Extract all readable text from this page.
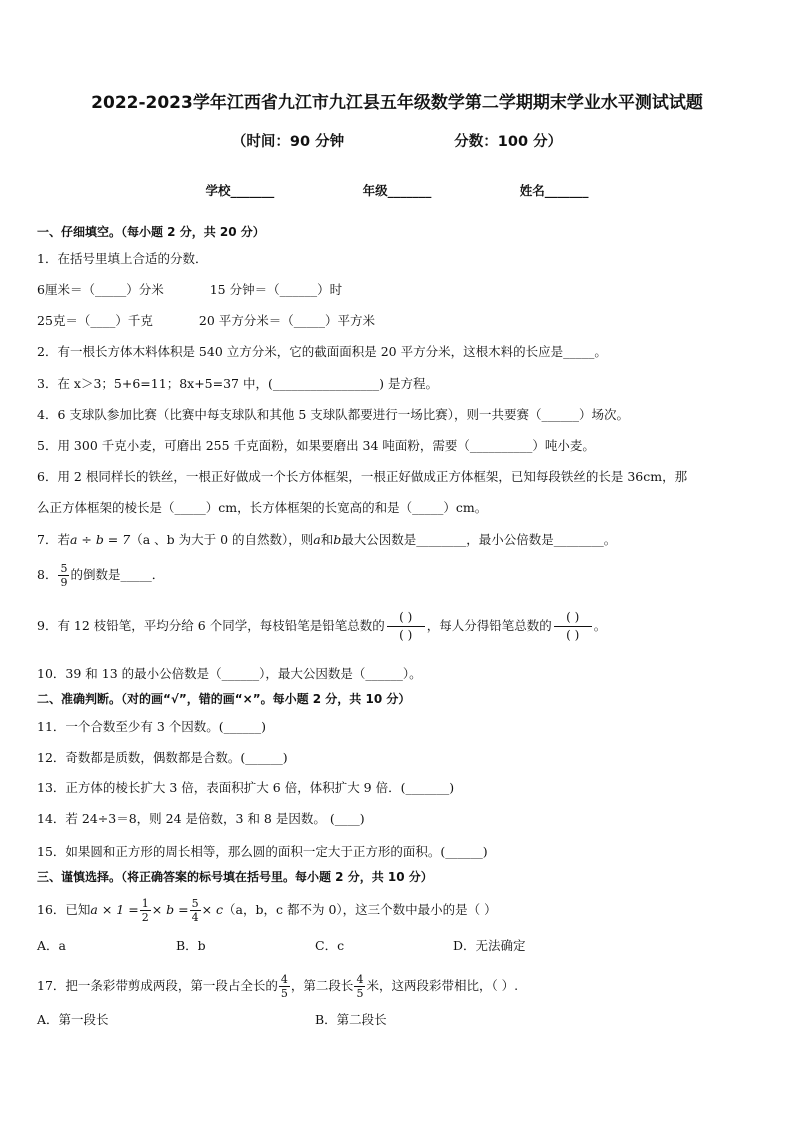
2022-2023学年江西省九江市九江县五年级数学第二学期期末学业水平测试试题
（时间：90 分钟	分数：100 分）
学校_______	年级_______	姓名_______
一、仔细填空。（每小题 2 分，共 20 分）
1．在括号里填上合适的分数．
6厘米＝（_____）分米	15 分钟＝（______）时
25克＝（____）千克	20 平方分米＝（_____）平方米
2．有一根长方体木料体积是 540 立方分米，它的截面面积是 20 平方分米，这根木料的长应是_____。
3．在 x＞3；5+6=11；8x+5=37 中，(_________________) 是方程。
4．6 支球队参加比赛（比赛中每支球队和其他 5 支球队都要进行一场比赛），则一共要赛（______）场次。
5．用 300 千克小麦，可磨出 255 千克面粉，如果要磨出 34 吨面粉，需要（__________）吨小麦。
6．用 2 根同样长的铁丝，一根正好做成一个长方体框架，一根正好做成正方体框架，已知每段铁丝的长是 36cm，那
么正方体框架的棱长是（_____）cm，长方体框架的长宽高的和是（_____）cm。
7．若a ÷ b = 7（a 、b 为大于 0 的自然数），则a和b最大公因数是________，最小公倍数是________。
8． $\frac{5}{9}$ 的倒数是_____．
9．有 12 枝铅笔，平均分给 6 个同学，每枝铅笔是铅笔总数的
( )
( )
，每人分得铅笔总数的
( )
( )
。
10．39 和 13 的最小公倍数是（______），最大公因数是（______）。
二、准确判断。（对的画“√”，错的画“×”。每小题 2 分，共 10 分）
11．一个合数至少有 3 个因数。(______)
12．奇数都是质数，偶数都是合数。(______)
13．正方体的棱长扩大 3 倍，表面积扩大 6 倍，体积扩大 9 倍．(_______)
14．若 24÷3＝8，则 24 是倍数，3 和 8 是因数。 (____)
15．如果圆和正方形的周长相等，那么圆的面积一定大于正方形的面积。(______)
三、谨慎选择。（将正确答案的标号填在括号里。每小题 2 分，共 10 分）
16．已知$a \times 1 = \frac{1}{2} \times b = \frac{5}{4} \times c(a$，b，c 都不为 0），这三个数中最小的是（ ）
A．a	B．b	C．c	D．无法确定
17．把一条彩带剪成两段，第一段占全长的 $\frac{4}{5}$ ，第二段长 $\frac{4}{5}$ 米，这两段彩带相比，（ ）.
A．第一段长	B．第二段长
